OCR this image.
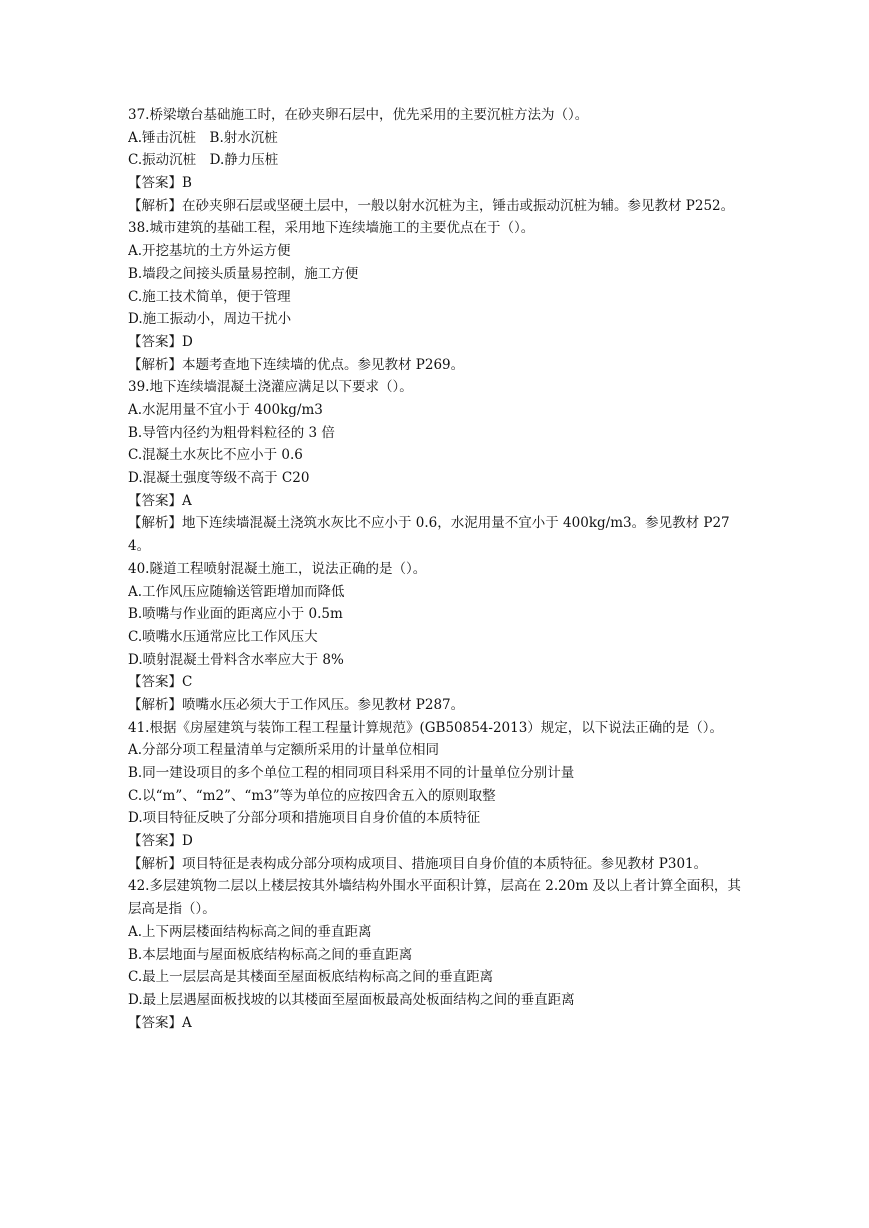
37.桥梁墩台基础施工时，在砂夹卵石层中，优先采用的主要沉桩方法为（）。
A.锤击沉桩　B.射水沉桩
C.振动沉桩　D.静力压桩
【答案】B
【解析】在砂夹卵石层或坚硬土层中，一般以射水沉桩为主，锤击或振动沉桩为辅。参见教材 P252。
38.城市建筑的基础工程，采用地下连续墙施工的主要优点在于（）。
A.开挖基坑的土方外运方便
B.墙段之间接头质量易控制，施工方便
C.施工技术简单，便于管理
D.施工振动小，周边干扰小
【答案】D
【解析】本题考查地下连续墙的优点。参见教材 P269。
39.地下连续墙混凝土浇灌应满足以下要求（）。
A.水泥用量不宜小于 400kg/m3
B.导管内径约为粗骨料粒径的 3 倍
C.混凝土水灰比不应小于 0.6
D.混凝土强度等级不高于 C20
【答案】A
【解析】地下连续墙混凝土浇筑水灰比不应小于 0.6，水泥用量不宜小于 400kg/m3。参见教材 P274。
40.隧道工程喷射混凝土施工，说法正确的是（）。
A.工作风压应随输送管距增加而降低
B.喷嘴与作业面的距离应小于 0.5m
C.喷嘴水压通常应比工作风压大
D.喷射混凝土骨料含水率应大于 8%
【答案】C
【解析】喷嘴水压必须大于工作风压。参见教材 P287。
41.根据《房屋建筑与装饰工程工程量计算规范》(GB50854-2013）规定，以下说法正确的是（）。
A.分部分项工程量清单与定额所采用的计量单位相同
B.同一建设项目的多个单位工程的相同项目科采用不同的计量单位分别计量
C.以“m”、“m2”、“m3”等为单位的应按四舍五入的原则取整
D.项目特征反映了分部分项和措施项目自身价值的本质特征
【答案】D
【解析】项目特征是表构成分部分项构成项目、措施项目自身价值的本质特征。参见教材 P301。
42.多层建筑物二层以上楼层按其外墙结构外围水平面积计算，层高在 2.20m 及以上者计算全面积，其层高是指（）。
A.上下两层楼面结构标高之间的垂直距离
B.本层地面与屋面板底结构标高之间的垂直距离
C.最上一层层高是其楼面至屋面板底结构标高之间的垂直距离
D.最上层遇屋面板找坡的以其楼面至屋面板最高处板面结构之间的垂直距离
【答案】A
